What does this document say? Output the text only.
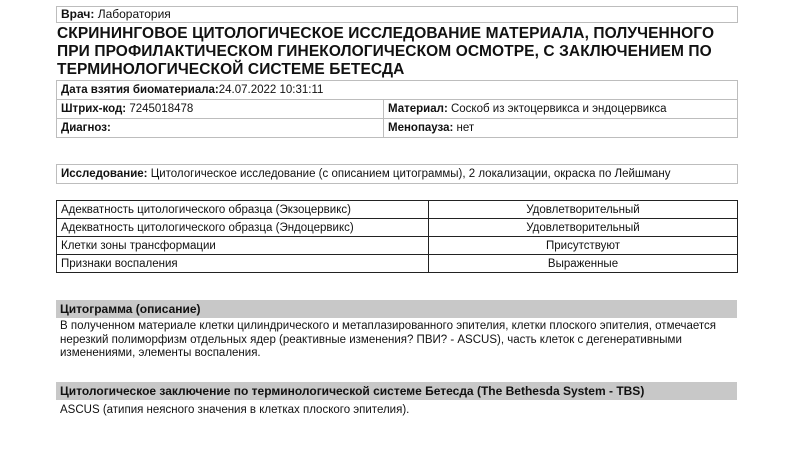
Врач: Лаборатория
СКРИНИНГОВОЕ ЦИТОЛОГИЧЕСКОЕ ИССЛЕДОВАНИЕ МАТЕРИАЛА, ПОЛУЧЕННОГО ПРИ ПРОФИЛАКТИЧЕСКОМ ГИНЕКОЛОГИЧЕСКОМ ОСМОТРЕ, С ЗАКЛЮЧЕНИЕМ ПО ТЕРМИНОЛОГИЧЕСКОЙ СИСТЕМЕ БЕТЕСДА
Дата взятия биоматериала:24.07.2022 10:31:11	
Штрих-код: 7245018478	Материал: Соскоб из эктоцервикса и эндоцервикса
Диагноз:	Менопауза: нет
Исследование: Цитологическое исследование (с описанием цитограммы), 2 локализации, окраска по Лейшману
Адекватность цитологического образца (Экзоцервикс)	Удовлетворительный
Адекватность цитологического образца (Эндоцервикс)	Удовлетворительный
Клетки зоны трансформации	Присутствуют
Признаки воспаления	Выраженные
Цитограмма (описание)
В полученном материале клетки цилиндрического и метаплазированного эпителия, клетки плоского эпителия, отмечается нерезкий полиморфизм отдельных ядер (реактивные изменения? ПВИ? - ASCUS), часть клеток с дегенеративными изменениями, элементы воспаления.
Цитологическое заключение по терминологической системе Бетесда (The Bethesda System - TBS)
ASCUS (атипия неясного значения в клетках плоского эпителия).
